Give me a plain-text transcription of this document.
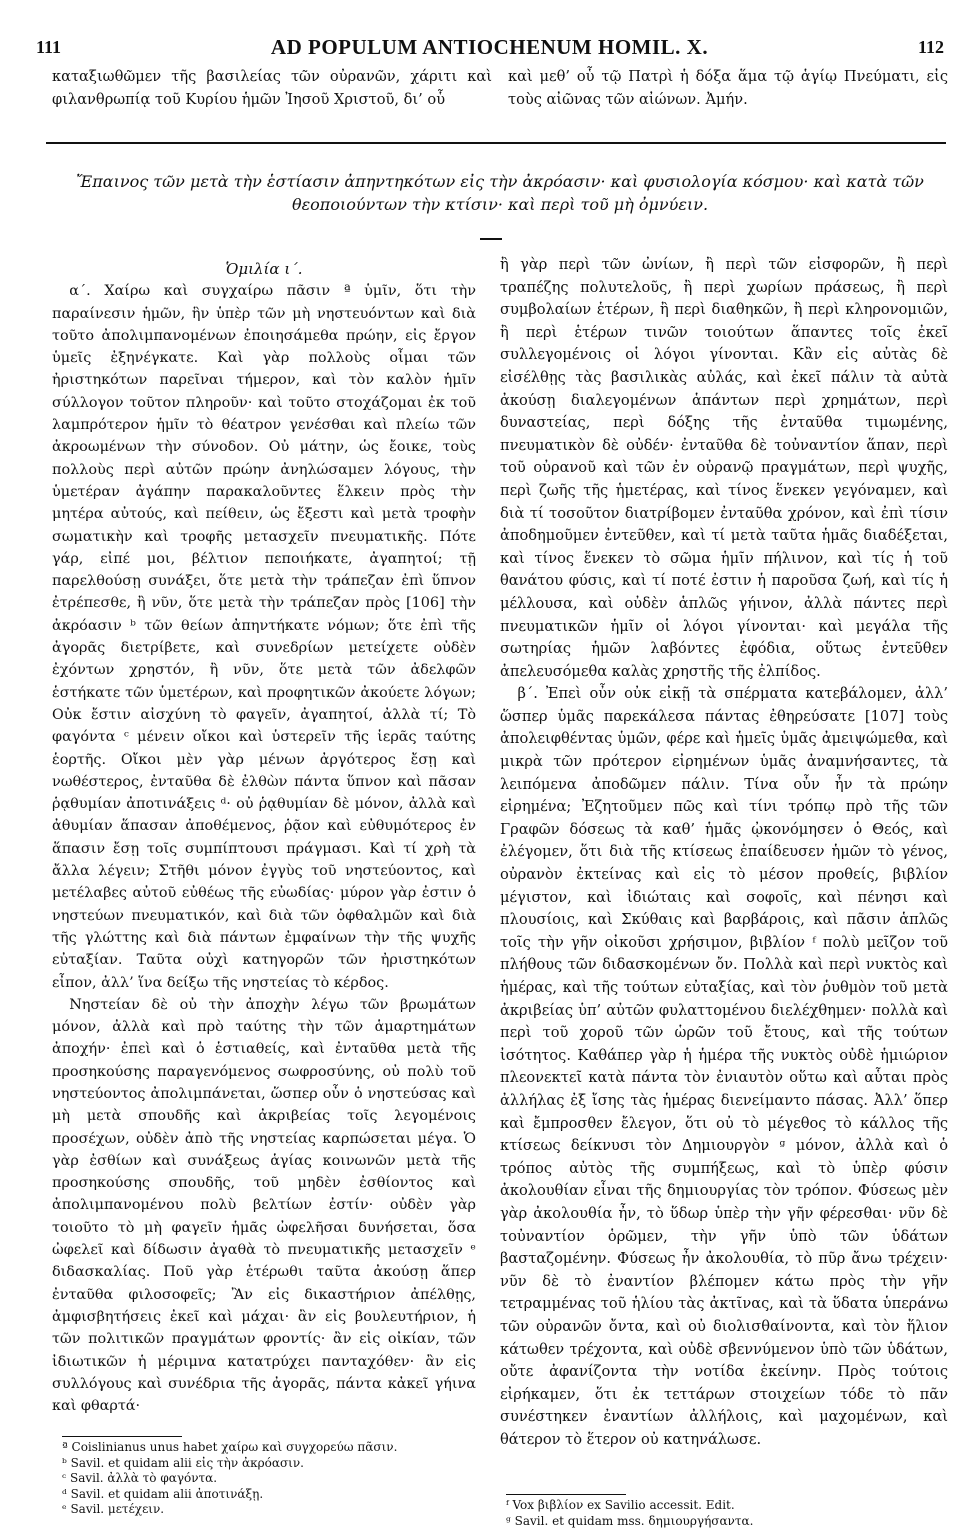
111	AD POPULUM ANTIOCHENUM HOMIL. X.	112

καταξιωθῶμεν τῆς βασιλείας τῶν οὐρανῶν, χάριτι καὶ φιλανθρωπίᾳ τοῦ Κυρίου ἡμῶν Ἰησοῦ Χριστοῦ, δι’ οὗ

καὶ μεθ’ οὗ τῷ Πατρὶ ἡ δόξα ἅμα τῷ ἁγίῳ Πνεύματι, εἰς τοὺς αἰῶνας τῶν αἰώνων. Ἀμήν.

Ἔπαινος τῶν μετὰ τὴν ἑστίασιν ἀπηντηκότων εἰς τὴν ἀκρόασιν· καὶ φυσιολογία κόσμου· καὶ κατὰ τῶν θεοποιούντων τὴν κτίσιν· καὶ περὶ τοῦ μὴ ὀμνύειν.

Ὁμιλία ι΄.

α΄. Χαίρω καὶ συγχαίρω πᾶσιν ª ὑμῖν, ὅτι τὴν παραίνεσιν ἡμῶν, ἣν ὑπὲρ τῶν μὴ νηστευόντων καὶ διὰ τοῦτο ἀπολιμπανομένων ἐποιησάμεθα πρώην, εἰς ἔργον ὑμεῖς ἐξηνέγκατε. Καὶ γὰρ πολλοὺς οἶμαι τῶν ἠριστηκότων παρεῖναι τήμερον, καὶ τὸν καλὸν ἡμῖν σύλλογον τοῦτον πληροῦν· καὶ τοῦτο στοχάζομαι ἐκ τοῦ λαμπρότερον ἡμῖν τὸ θέατρον γενέσθαι καὶ πλείω τῶν ἀκροωμένων τὴν σύνοδον. Οὐ μάτην, ὡς ἔοικε, τοὺς πολλοὺς περὶ αὐτῶν πρώην ἀνηλώσαμεν λόγους, τὴν ὑμετέραν ἀγάπην παρακαλοῦντες ἕλκειν πρὸς τὴν μητέρα αὐτούς, καὶ πείθειν, ὡς ἔξεστι καὶ μετὰ τροφὴν σωματικὴν καὶ τροφῆς μετασχεῖν πνευματικῆς. Πότε γάρ, εἰπέ μοι, βέλτιον πεποιήκατε, ἀγαπητοί; τῇ παρελθούσῃ συνάξει, ὅτε μετὰ τὴν τράπεζαν ἐπὶ ὕπνον ἐτρέπεσθε, ἢ νῦν, ὅτε μετὰ τὴν τράπεζαν πρὸς [106] τὴν ἀκρόασιν ᵇ τῶν θείων ἀπηντήκατε νόμων; ὅτε ἐπὶ τῆς ἀγορᾶς διετρίβετε, καὶ συνεδρίων μετείχετε οὐδὲν ἐχόντων χρηστόν, ἢ νῦν, ὅτε μετὰ τῶν ἀδελφῶν ἑστήκατε τῶν ὑμετέρων, καὶ προφητικῶν ἀκούετε λόγων; Οὐκ ἔστιν αἰσχύνη τὸ φαγεῖν, ἀγαπητοί, ἀλλὰ τί; Τὸ φαγόντα ᶜ μένειν οἴκοι καὶ ὑστερεῖν τῆς ἱερᾶς ταύτης ἑορτῆς. Οἴκοι μὲν γὰρ μένων ἀργότερος ἔσῃ καὶ νωθέστερος, ἐνταῦθα δὲ ἐλθὼν πάντα ὕπνον καὶ πᾶσαν ῥᾳθυμίαν ἀποτινάξεις ᵈ· οὐ ῥᾳθυμίαν δὲ μόνον, ἀλλὰ καὶ ἀθυμίαν ἅπασαν ἀποθέμενος, ῥᾷον καὶ εὐθυμότερος ἐν ἅπασιν ἔσῃ τοῖς συμπίπτουσι πράγμασι. Καὶ τί χρὴ τὰ ἄλλα λέγειν; Στῆθι μόνον ἐγγὺς τοῦ νηστεύοντος, καὶ μετέλαβες αὐτοῦ εὐθέως τῆς εὐωδίας· μύρον γὰρ ἐστιν ὁ νηστεύων πνευματικόν, καὶ διὰ τῶν ὀφθαλμῶν καὶ διὰ τῆς γλώττης καὶ διὰ πάντων ἐμφαίνων τὴν τῆς ψυχῆς εὐταξίαν. Ταῦτα οὐχὶ κατηγορῶν τῶν ἠριστηκότων εἶπον, ἀλλ’ ἵνα δείξω τῆς νηστείας τὸ κέρδος.

Νηστείαν δὲ οὐ τὴν ἀποχὴν λέγω τῶν βρωμάτων μόνον, ἀλλὰ καὶ πρὸ ταύτης τὴν τῶν ἁμαρτημάτων ἀποχήν· ἐπεὶ καὶ ὁ ἑστιαθείς, καὶ ἐνταῦθα μετὰ τῆς προσηκούσης παραγενόμενος σωφροσύνης, οὐ πολὺ τοῦ νηστεύοντος ἀπολιμπάνεται, ὥσπερ οὖν ὁ νηστεύσας καὶ μὴ μετὰ σπουδῆς καὶ ἀκριβείας τοῖς λεγομένοις προσέχων, οὐδὲν ἀπὸ τῆς νηστείας καρπώσεται μέγα. Ὁ γὰρ ἐσθίων καὶ συνάξεως ἁγίας κοινωνῶν μετὰ τῆς προσηκούσης σπουδῆς, τοῦ μηδὲν ἐσθίοντος καὶ ἀπολιμπανομένου πολὺ βελτίων ἐστίν· οὐδὲν γὰρ τοιοῦτο τὸ μὴ φαγεῖν ἡμᾶς ὠφελῆσαι δυνήσεται, ὅσα ὠφελεῖ καὶ δίδωσιν ἀγαθὰ τὸ πνευματικῆς μετασχεῖν ᵉ διδασκαλίας. Ποῦ γὰρ ἑτέρωθι ταῦτα ἀκούσῃ ἅπερ ἐνταῦθα φιλοσοφεῖς; Ἂν εἰς δικαστήριον ἀπέλθῃς, ἀμφισβητήσεις ἐκεῖ καὶ μάχαι· ἂν εἰς βουλευτήριον, ἡ τῶν πολιτικῶν πραγμάτων φροντίς· ἂν εἰς οἰκίαν, τῶν ἰδιωτικῶν ἡ μέριμνα κατατρύχει πανταχόθεν· ἂν εἰς συλλόγους καὶ συνέδρια τῆς ἀγορᾶς, πάντα κἀκεῖ γήινα καὶ φθαρτά·

ἢ γὰρ περὶ τῶν ὠνίων, ἢ περὶ τῶν εἰσφορῶν, ἢ περὶ τραπέζης πολυτελοῦς, ἢ περὶ χωρίων πράσεως, ἢ περὶ συμβολαίων ἑτέρων, ἢ περὶ διαθηκῶν, ἢ περὶ κληρονομιῶν, ἢ περὶ ἑτέρων τινῶν τοιούτων ἅπαντες τοῖς ἐκεῖ συλλεγομένοις οἱ λόγοι γίνονται. Κἂν εἰς αὐτὰς δὲ εἰσέλθῃς τὰς βασιλικὰς αὐλάς, καὶ ἐκεῖ πάλιν τὰ αὐτὰ ἀκούσῃ διαλεγομένων ἁπάντων περὶ χρημάτων, περὶ δυναστείας, περὶ δόξης τῆς ἐνταῦθα τιμωμένης, πνευματικὸν δὲ οὐδέν· ἐνταῦθα δὲ τοὐναντίον ἅπαν, περὶ τοῦ οὐρανοῦ καὶ τῶν ἐν οὐρανῷ πραγμάτων, περὶ ψυχῆς, περὶ ζωῆς τῆς ἡμετέρας, καὶ τίνος ἕνεκεν γεγόναμεν, καὶ διὰ τί τοσοῦτον διατρίβομεν ἐνταῦθα χρόνον, καὶ ἐπὶ τίσιν ἀποδημοῦμεν ἐντεῦθεν, καὶ τί μετὰ ταῦτα ἡμᾶς διαδέξεται, καὶ τίνος ἕνεκεν τὸ σῶμα ἡμῖν πήλινον, καὶ τίς ἡ τοῦ θανάτου φύσις, καὶ τί ποτέ ἐστιν ἡ παροῦσα ζωή, καὶ τίς ἡ μέλλουσα, καὶ οὐδὲν ἁπλῶς γήινον, ἀλλὰ πάντες περὶ πνευματικῶν ἡμῖν οἱ λόγοι γίνονται· καὶ μεγάλα τῆς σωτηρίας ἡμῶν λαβόντες ἐφόδια, οὕτως ἐντεῦθεν ἀπελευσόμεθα καλὰς χρηστῆς τῆς ἐλπίδος.

β΄. Ἐπεὶ οὖν οὐκ εἰκῇ τὰ σπέρματα κατεβάλομεν, ἀλλ’ ὥσπερ ὑμᾶς παρεκάλεσα πάντας ἐθηρεύσατε [107] τοὺς ἀπολειφθέντας ὑμῶν, φέρε καὶ ἡμεῖς ὑμᾶς ἀμειψώμεθα, καὶ μικρὰ τῶν πρότερον εἰρημένων ὑμᾶς ἀναμνήσαντες, τὰ λειπόμενα ἀποδῶμεν πάλιν. Τίνα οὖν ἦν τὰ πρώην εἰρημένα; Ἐζητοῦμεν πῶς καὶ τίνι τρόπῳ πρὸ τῆς τῶν Γραφῶν δόσεως τὰ καθ’ ἡμᾶς ᾠκονόμησεν ὁ Θεός, καὶ ἐλέγομεν, ὅτι διὰ τῆς κτίσεως ἐπαίδευσεν ἡμῶν τὸ γένος, οὐρανὸν ἐκτείνας καὶ εἰς τὸ μέσον προθείς, βιβλίον μέγιστον, καὶ ἰδιώταις καὶ σοφοῖς, καὶ πένησι καὶ πλουσίοις, καὶ Σκύθαις καὶ βαρβάροις, καὶ πᾶσιν ἁπλῶς τοῖς τὴν γῆν οἰκοῦσι χρήσιμον, βιβλίον ᶠ πολὺ μεῖζον τοῦ πλήθους τῶν διδασκομένων ὄν. Πολλὰ καὶ περὶ νυκτὸς καὶ ἡμέρας, καὶ τῆς τούτων εὐταξίας, καὶ τὸν ῥυθμὸν τοῦ μετὰ ἀκριβείας ὑπ’ αὐτῶν φυλαττομένου διελέχθημεν· πολλὰ καὶ περὶ τοῦ χοροῦ τῶν ὡρῶν τοῦ ἔτους, καὶ τῆς τούτων ἰσότητος. Καθάπερ γὰρ ἡ ἡμέρα τῆς νυκτὸς οὐδὲ ἡμιώριον πλεονεκτεῖ κατὰ πάντα τὸν ἐνιαυτὸν οὕτω καὶ αὗται πρὸς ἀλλήλας ἐξ ἴσης τὰς ἡμέρας διενείμαντο πάσας. Ἀλλ’ ὅπερ καὶ ἔμπροσθεν ἔλεγον, ὅτι οὐ τὸ μέγεθος τὸ κάλλος τῆς κτίσεως δείκνυσι τὸν Δημιουργὸν ᵍ μόνον, ἀλλὰ καὶ ὁ τρόπος αὐτὸς τῆς συμπήξεως, καὶ τὸ ὑπὲρ φύσιν ἀκολουθίαν εἶναι τῆς δημιουργίας τὸν τρόπον. Φύσεως μὲν γὰρ ἀκολουθία ἦν, τὸ ὕδωρ ὑπὲρ τὴν γῆν φέρεσθαι· νῦν δὲ τοὐναντίον ὁρῶμεν, τὴν γῆν ὑπὸ τῶν ὑδάτων βασταζομένην. Φύσεως ἦν ἀκολουθία, τὸ πῦρ ἄνω τρέχειν· νῦν δὲ τὸ ἐναντίον βλέπομεν κάτω πρὸς τὴν γῆν τετραμμένας τοῦ ἡλίου τὰς ἀκτῖνας, καὶ τὰ ὕδατα ὑπεράνω τῶν οὐρανῶν ὄντα, καὶ οὐ διολισθαίνοντα, καὶ τὸν ἥλιον κάτωθεν τρέχοντα, καὶ οὐδὲ σβεννύμενον ὑπὸ τῶν ὑδάτων, οὔτε ἀφανίζοντα τὴν νοτίδα ἐκείνην. Πρὸς τούτοις εἰρήκαμεν, ὅτι ἐκ τεττάρων στοιχείων τόδε τὸ πᾶν συνέστηκεν ἐναντίων ἀλλήλοις, καὶ μαχομένων, καὶ θάτερον τὸ ἕτερον οὐ κατηνάλωσε.

ª Coislinianus unus habet χαίρω καὶ συγχορεύω πᾶσιν.
ᵇ Savil. et quidam alii εἰς τὴν ἀκρόασιν.
ᶜ Savil. ἀλλὰ τὸ φαγόντα.
ᵈ Savil. et quidam alii ἀποτινάξῃ.
ᵉ Savil. μετέχειν.	ᶠ Vox βιβλίον ex Savilio accessit. Edit.
ᵍ Savil. et quidam mss. δημιουργήσαντα.
